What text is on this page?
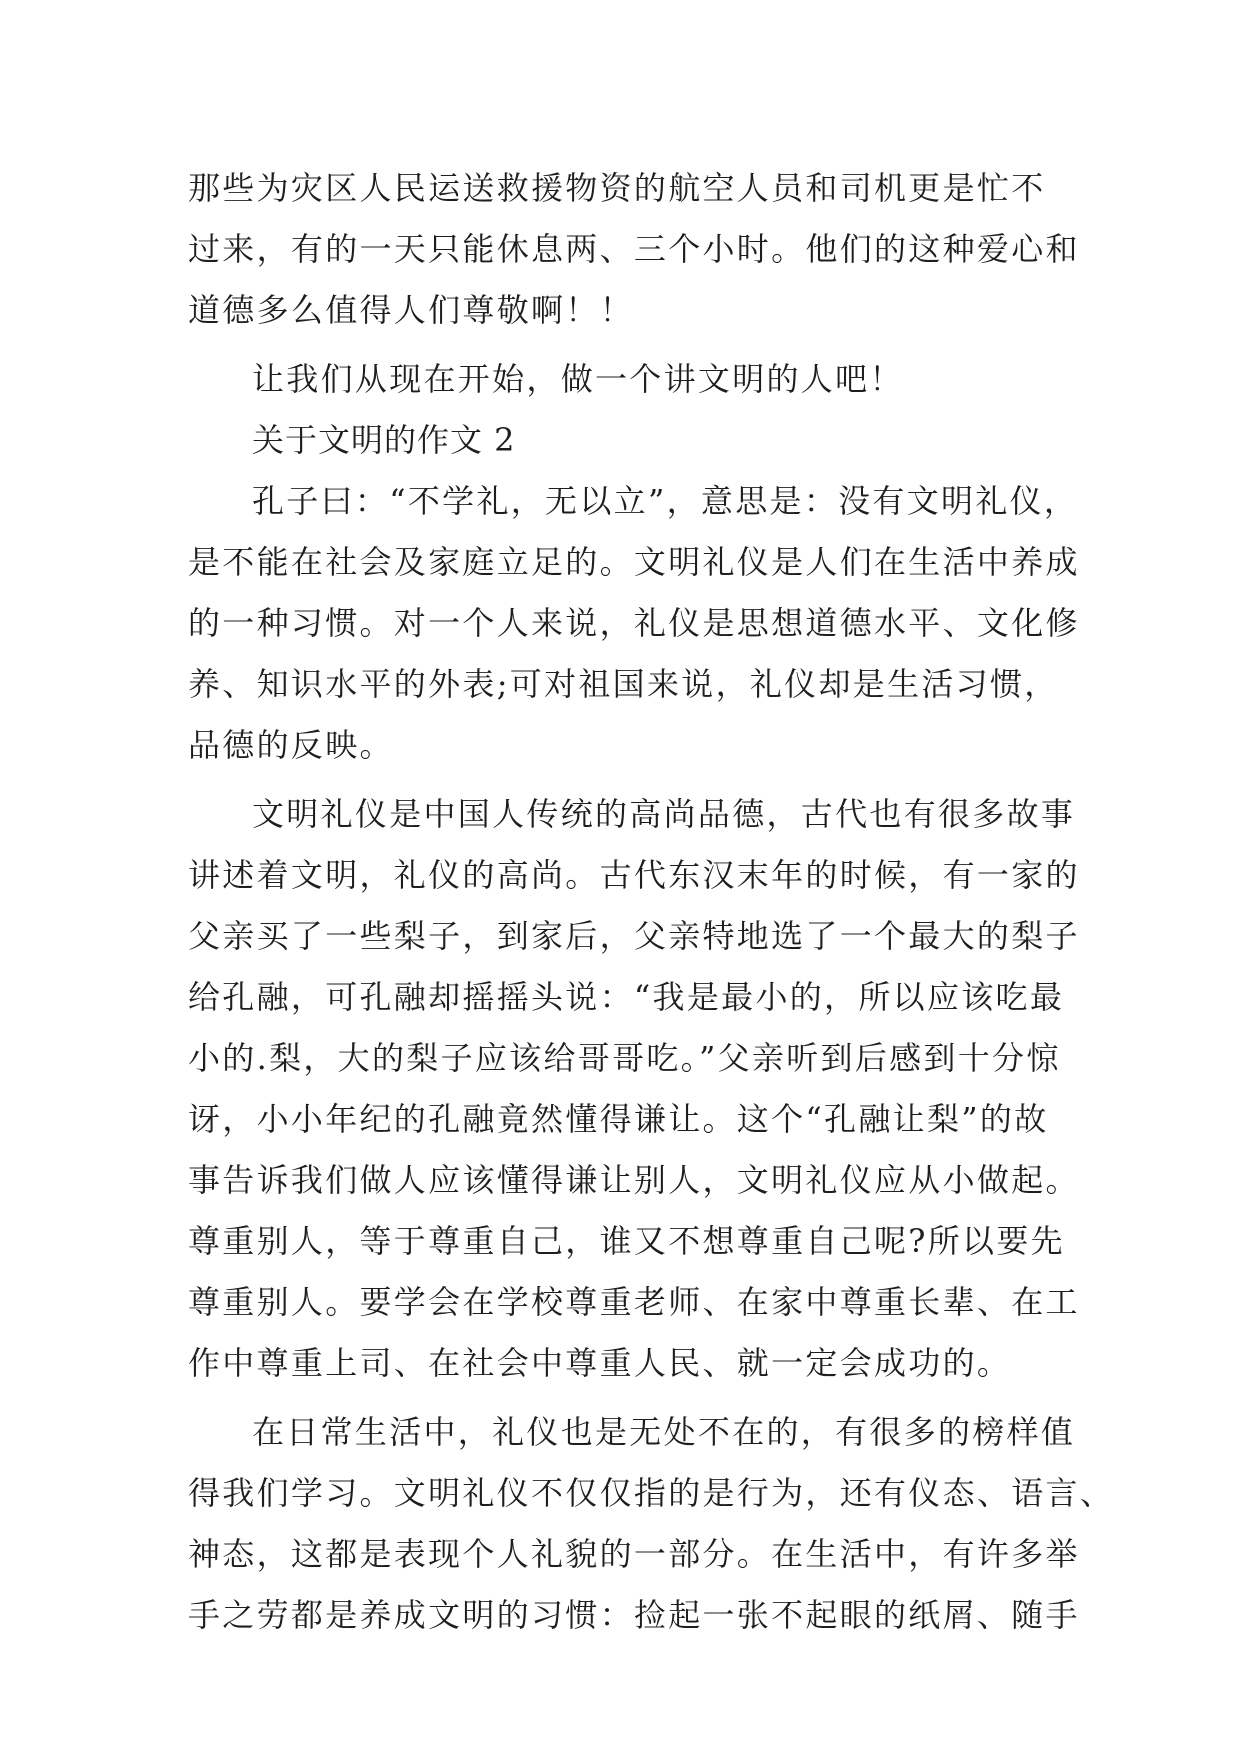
那些为灾区人民运送救援物资的航空人员和司机更是忙不
过来，有的一天只能休息两、三个小时。他们的这种爱心和
道德多么值得人们尊敬啊！！
让我们从现在开始，做一个讲文明的人吧！
关于文明的作文 2
孔子曰：“不学礼，无以立”，意思是：没有文明礼仪，
是不能在社会及家庭立足的。文明礼仪是人们在生活中养成
的一种习惯。对一个人来说，礼仪是思想道德水平、文化修
养、知识水平的外表;可对祖国来说，礼仪却是生活习惯，
品德的反映。
文明礼仪是中国人传统的高尚品德，古代也有很多故事
讲述着文明，礼仪的高尚。古代东汉末年的时候，有一家的
父亲买了一些梨子，到家后，父亲特地选了一个最大的梨子
给孔融，可孔融却摇摇头说：“我是最小的，所以应该吃最
小的.梨，大的梨子应该给哥哥吃。”父亲听到后感到十分惊
讶，小小年纪的孔融竟然懂得谦让。这个“孔融让梨”的故
事告诉我们做人应该懂得谦让别人，文明礼仪应从小做起。
尊重别人，等于尊重自己，谁又不想尊重自己呢?所以要先
尊重别人。要学会在学校尊重老师、在家中尊重长辈、在工
作中尊重上司、在社会中尊重人民、就一定会成功的。
在日常生活中，礼仪也是无处不在的，有很多的榜样值
得我们学习。文明礼仪不仅仅指的是行为，还有仪态、语言、
神态，这都是表现个人礼貌的一部分。在生活中，有许多举
手之劳都是养成文明的习惯：捡起一张不起眼的纸屑、随手
